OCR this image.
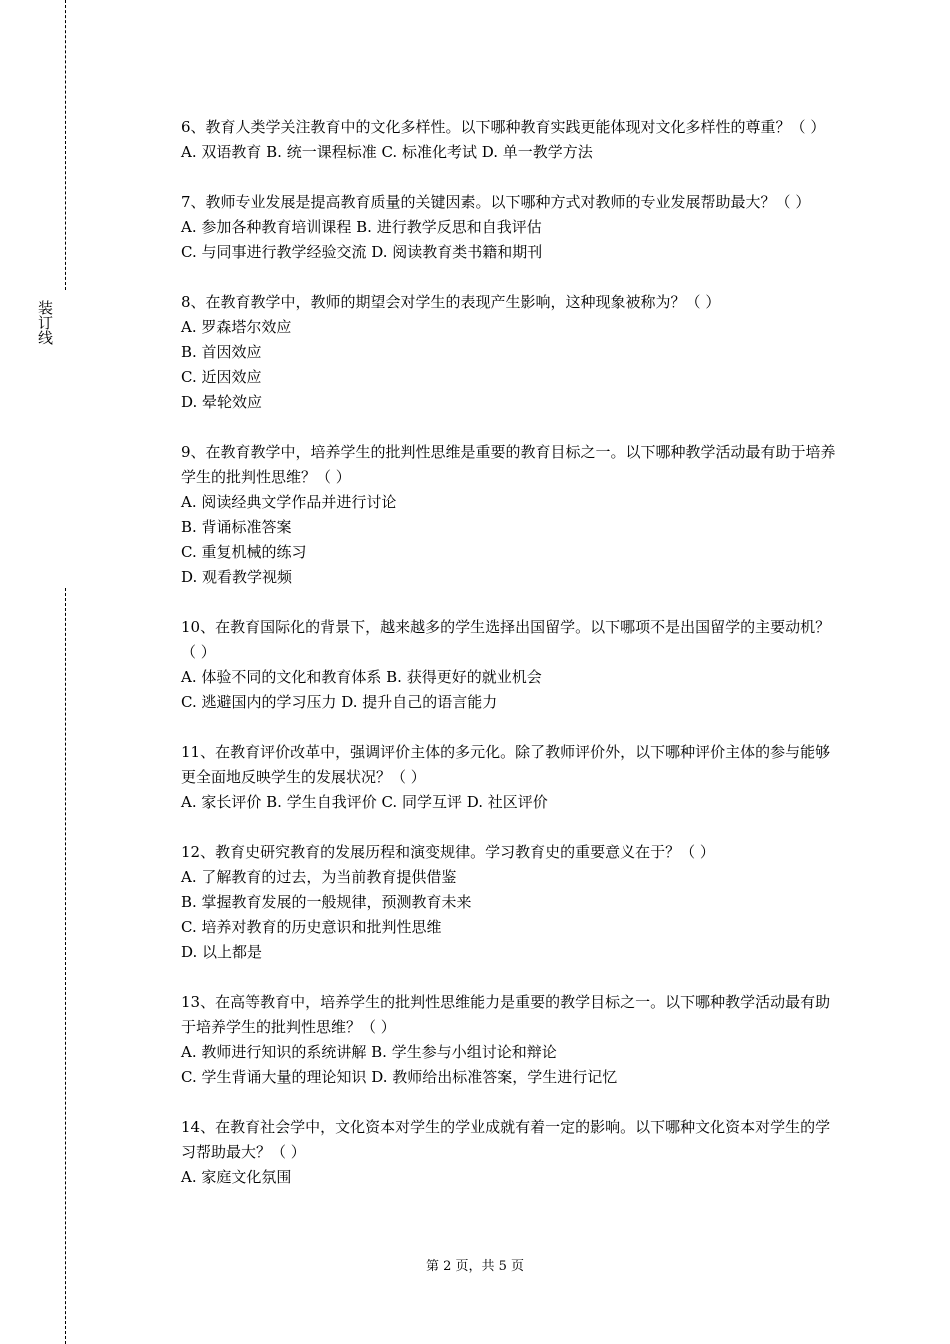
装订线
6、教育人类学关注教育中的文化多样性。以下哪种教育实践更能体现对文化多样性的尊重？（ ）
A. 双语教育 B. 统一课程标准 C. 标准化考试 D. 单一教学方法
7、教师专业发展是提高教育质量的关键因素。以下哪种方式对教师的专业发展帮助最大？（ ）
A. 参加各种教育培训课程 B. 进行教学反思和自我评估
C. 与同事进行教学经验交流 D. 阅读教育类书籍和期刊
8、在教育教学中，教师的期望会对学生的表现产生影响，这种现象被称为？（ ）
A. 罗森塔尔效应
B. 首因效应
C. 近因效应
D. 晕轮效应
9、在教育教学中，培养学生的批判性思维是重要的教育目标之一。以下哪种教学活动最有助于培养学生的批判性思维？（ ）
A. 阅读经典文学作品并进行讨论
B. 背诵标准答案
C. 重复机械的练习
D. 观看教学视频
10、在教育国际化的背景下，越来越多的学生选择出国留学。以下哪项不是出国留学的主要动机？（ ）
A. 体验不同的文化和教育体系 B. 获得更好的就业机会
C. 逃避国内的学习压力 D. 提升自己的语言能力
11、在教育评价改革中，强调评价主体的多元化。除了教师评价外，以下哪种评价主体的参与能够更全面地反映学生的发展状况？（ ）
A. 家长评价 B. 学生自我评价 C. 同学互评 D. 社区评价
12、教育史研究教育的发展历程和演变规律。学习教育史的重要意义在于？（ ）
A. 了解教育的过去，为当前教育提供借鉴
B. 掌握教育发展的一般规律，预测教育未来
C. 培养对教育的历史意识和批判性思维
D. 以上都是
13、在高等教育中，培养学生的批判性思维能力是重要的教学目标之一。以下哪种教学活动最有助于培养学生的批判性思维？（ ）
A. 教师进行知识的系统讲解 B. 学生参与小组讨论和辩论
C. 学生背诵大量的理论知识 D. 教师给出标准答案，学生进行记忆
14、在教育社会学中，文化资本对学生的学业成就有着一定的影响。以下哪种文化资本对学生的学习帮助最大？（ ）
A. 家庭文化氛围
第 2 页，共 5 页
